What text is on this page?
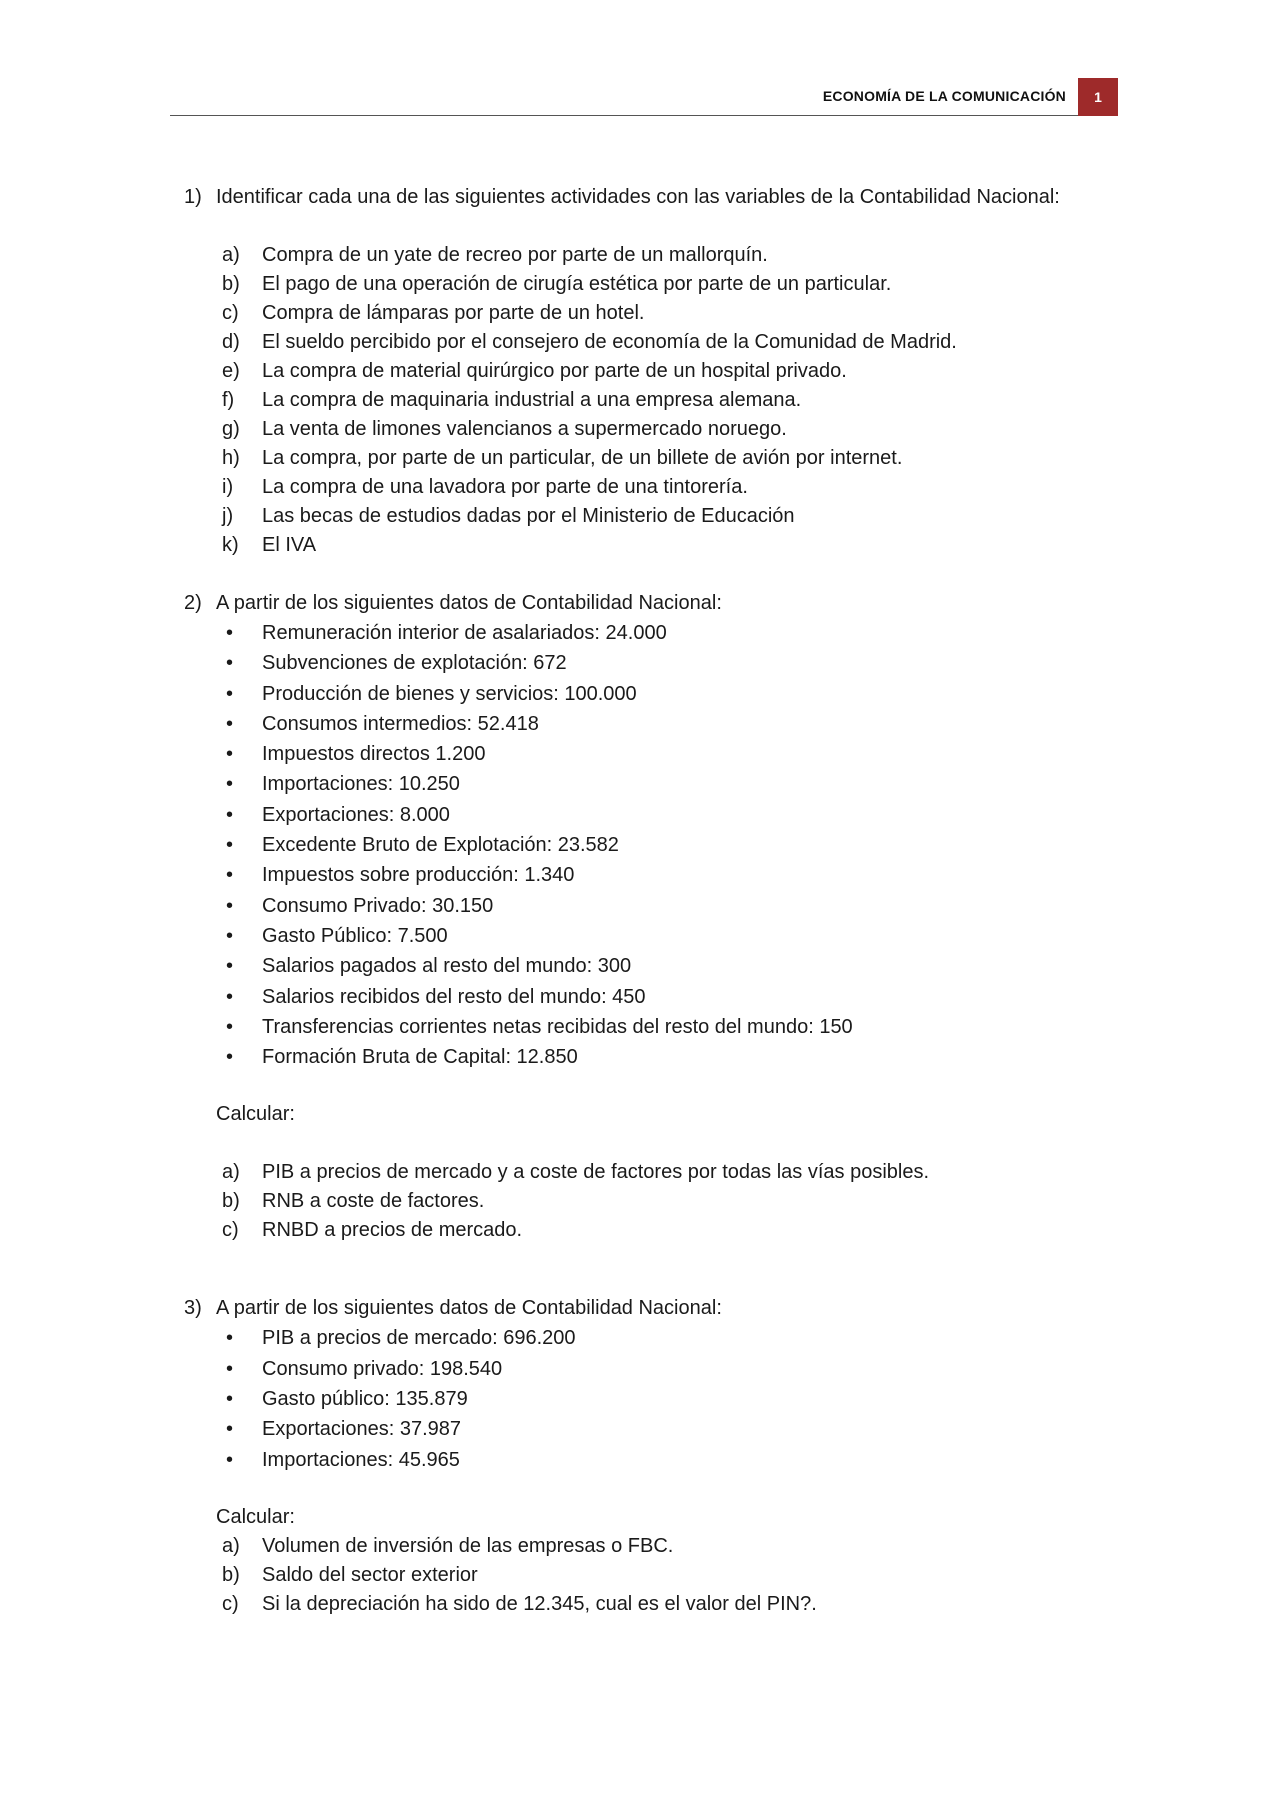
ECONOMÍA DE LA COMUNICACIÓN	1
1) Identificar cada una de las siguientes actividades con las variables de la Contabilidad Nacional:
a) Compra de un yate de recreo por parte de un mallorquín.
b) El pago de una operación de cirugía estética por parte de un particular.
c) Compra de lámparas por parte de un hotel.
d) El sueldo percibido por el consejero de economía de la Comunidad de Madrid.
e) La compra de material quirúrgico por parte de un hospital privado.
f) La compra de maquinaria industrial a una empresa alemana.
g) La venta de limones valencianos a supermercado noruego.
h) La compra, por parte de un particular, de un billete de avión por internet.
i) La compra de una lavadora por parte de una tintorería.
j) Las becas de estudios dadas por el Ministerio de Educación
k) El IVA
2) A partir de los siguientes datos de Contabilidad Nacional:
• Remuneración interior de asalariados: 24.000
• Subvenciones de explotación: 672
• Producción de bienes y servicios: 100.000
• Consumos intermedios: 52.418
• Impuestos directos 1.200
• Importaciones: 10.250
• Exportaciones: 8.000
• Excedente Bruto de Explotación: 23.582
• Impuestos sobre producción: 1.340
• Consumo Privado: 30.150
• Gasto Público: 7.500
• Salarios pagados al resto del mundo: 300
• Salarios recibidos del resto del mundo: 450
• Transferencias corrientes netas recibidas del resto del mundo: 150
• Formación Bruta de Capital: 12.850
Calcular:
a) PIB a precios de mercado y a coste de factores por todas las vías posibles.
b) RNB a coste de factores.
c) RNBD a precios de mercado.
3) A partir de los siguientes datos de Contabilidad Nacional:
• PIB a precios de mercado: 696.200
• Consumo privado: 198.540
• Gasto público: 135.879
• Exportaciones: 37.987
• Importaciones: 45.965
Calcular:
a) Volumen de inversión de las empresas o FBC.
b) Saldo del sector exterior
c) Si la depreciación ha sido de 12.345, cual es el valor del PIN?.
